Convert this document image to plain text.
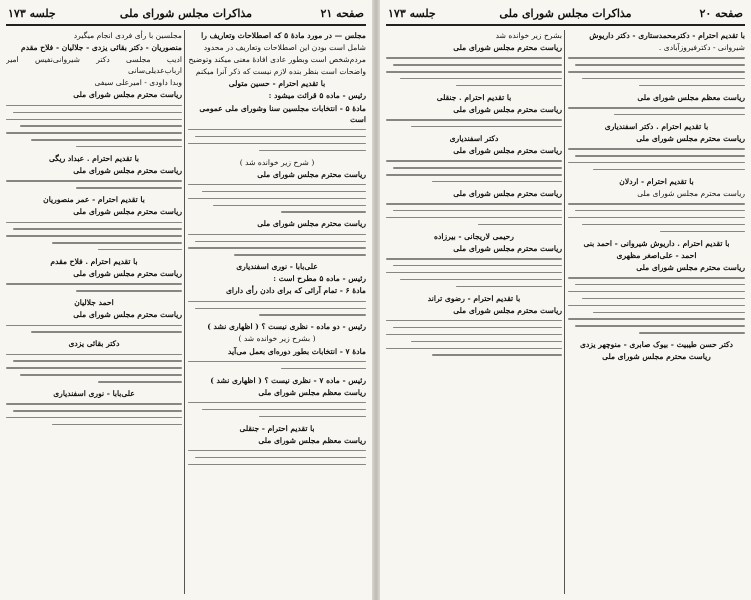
صفحه ۲۱
مذاکرات مجلس شورای ملی
جلسه ۱۷۳
مجلس — در مورد مادهٔ ۵ که اصطلاحات وتعاریف را
شامل است بودن این اصطلاحات وتعاریف در محدود
مردم‌شخص است وبطور عادی افادهٔ معنی میکند وتوضیح
واضحات است بنظر بنده لازم نیست که ذکر آنرا میکنم
با تقدیم احترام - حسین متولی
رئیس - ماده ۵ قرائت میشود :
مادهٔ ۵ - انتخابات مجلسین سنا وشورای ملی عمومی است
( شرح زیر خوانده شد )
ریاست محترم مجلس شورای ملی
ریاست محترم مجلس شورای ملی
علی‌بابا - نوری اسفندیاری
رئیس - ماده ۵ مطرح است :
مادهٔ ۶ - تمام آرائی که برای دادن رأی دارای
رئیس - دو ماده - نظری نیست ؟ ( اظهاری نشد )
( بشرح زیر خوانده شد )
مادهٔ ۷ - انتخابات بطور دوره‌ای بعمل می‌آید
رئیس - ماده ۷ - نظری نیست ؟ ( اظهاری نشد )
ریاست معظم مجلس شورای ملی
با تقدیم احترام - جنقلی
ریاست معظم مجلس شورای ملی
مجلسین با رأی فردی انجام میگیرد
منصوریان - دکتر بقائی یزدی - جلالیان - فلاح مقدم
ادیب مجلسی دکتر شیروانی‌نفیس امیر ارباب‌عدیلی‌سانی
وبدا داودی - امیرعلی سیفی
ریاست محترم مجلس شورای ملی
با تقدیم احترام . عبداد ریگی
ریاست محترم مجلس شورای ملی
با تقدیم احترام - عمر منصوریان
ریاست محترم مجلس شورای ملی
با تقدیم احترام . فلاح مقدم
ریاست محترم مجلس شورای ملی
احمد جلالیان
ریاست محترم مجلس شورای ملی
دکتر بقائی یزدی
علی‌بابا - نوری اسفندیاری
جلسه ۱۷۳	مذاکرات مجلس شورای ملی	صفحه ۲۰
با تقدیم احترام - دکترمحمدستاری - دکتر داریوش
شیروانی - دکترفیروزآبادی .
ریاست معظم مجلس شورای ملی
با تقدیم احترام . دکتر اسفندیاری
ریاست محترم مجلس شورای ملی
با تقدیم احترام - اردلان
ریاست محترم مجلس شورای ملی
با تقدیم احترام . داریوش شیروانی - احمد بنی
احمد - علی‌اصغر مظهری
ریاست محترم مجلس شورای ملی
دکتر حسن طیبیت - بیوک صابری - منوچهر یزدی
ریاست محترم مجلس شورای ملی
بشرح زیر خوانده شد
ریاست محترم مجلس شورای ملی
با تقدیم احترام . جنقلی
ریاست محترم مجلس شورای ملی
دکتر اسفندیاری
ریاست محترم مجلس شورای ملی
ریاست محترم مجلس شورای ملی
رحیمی لاریجانی - بیرزاده
ریاست محترم مجلس شورای ملی
با تقدیم احترام - رضوی تراند
ریاست محترم مجلس شورای ملی
